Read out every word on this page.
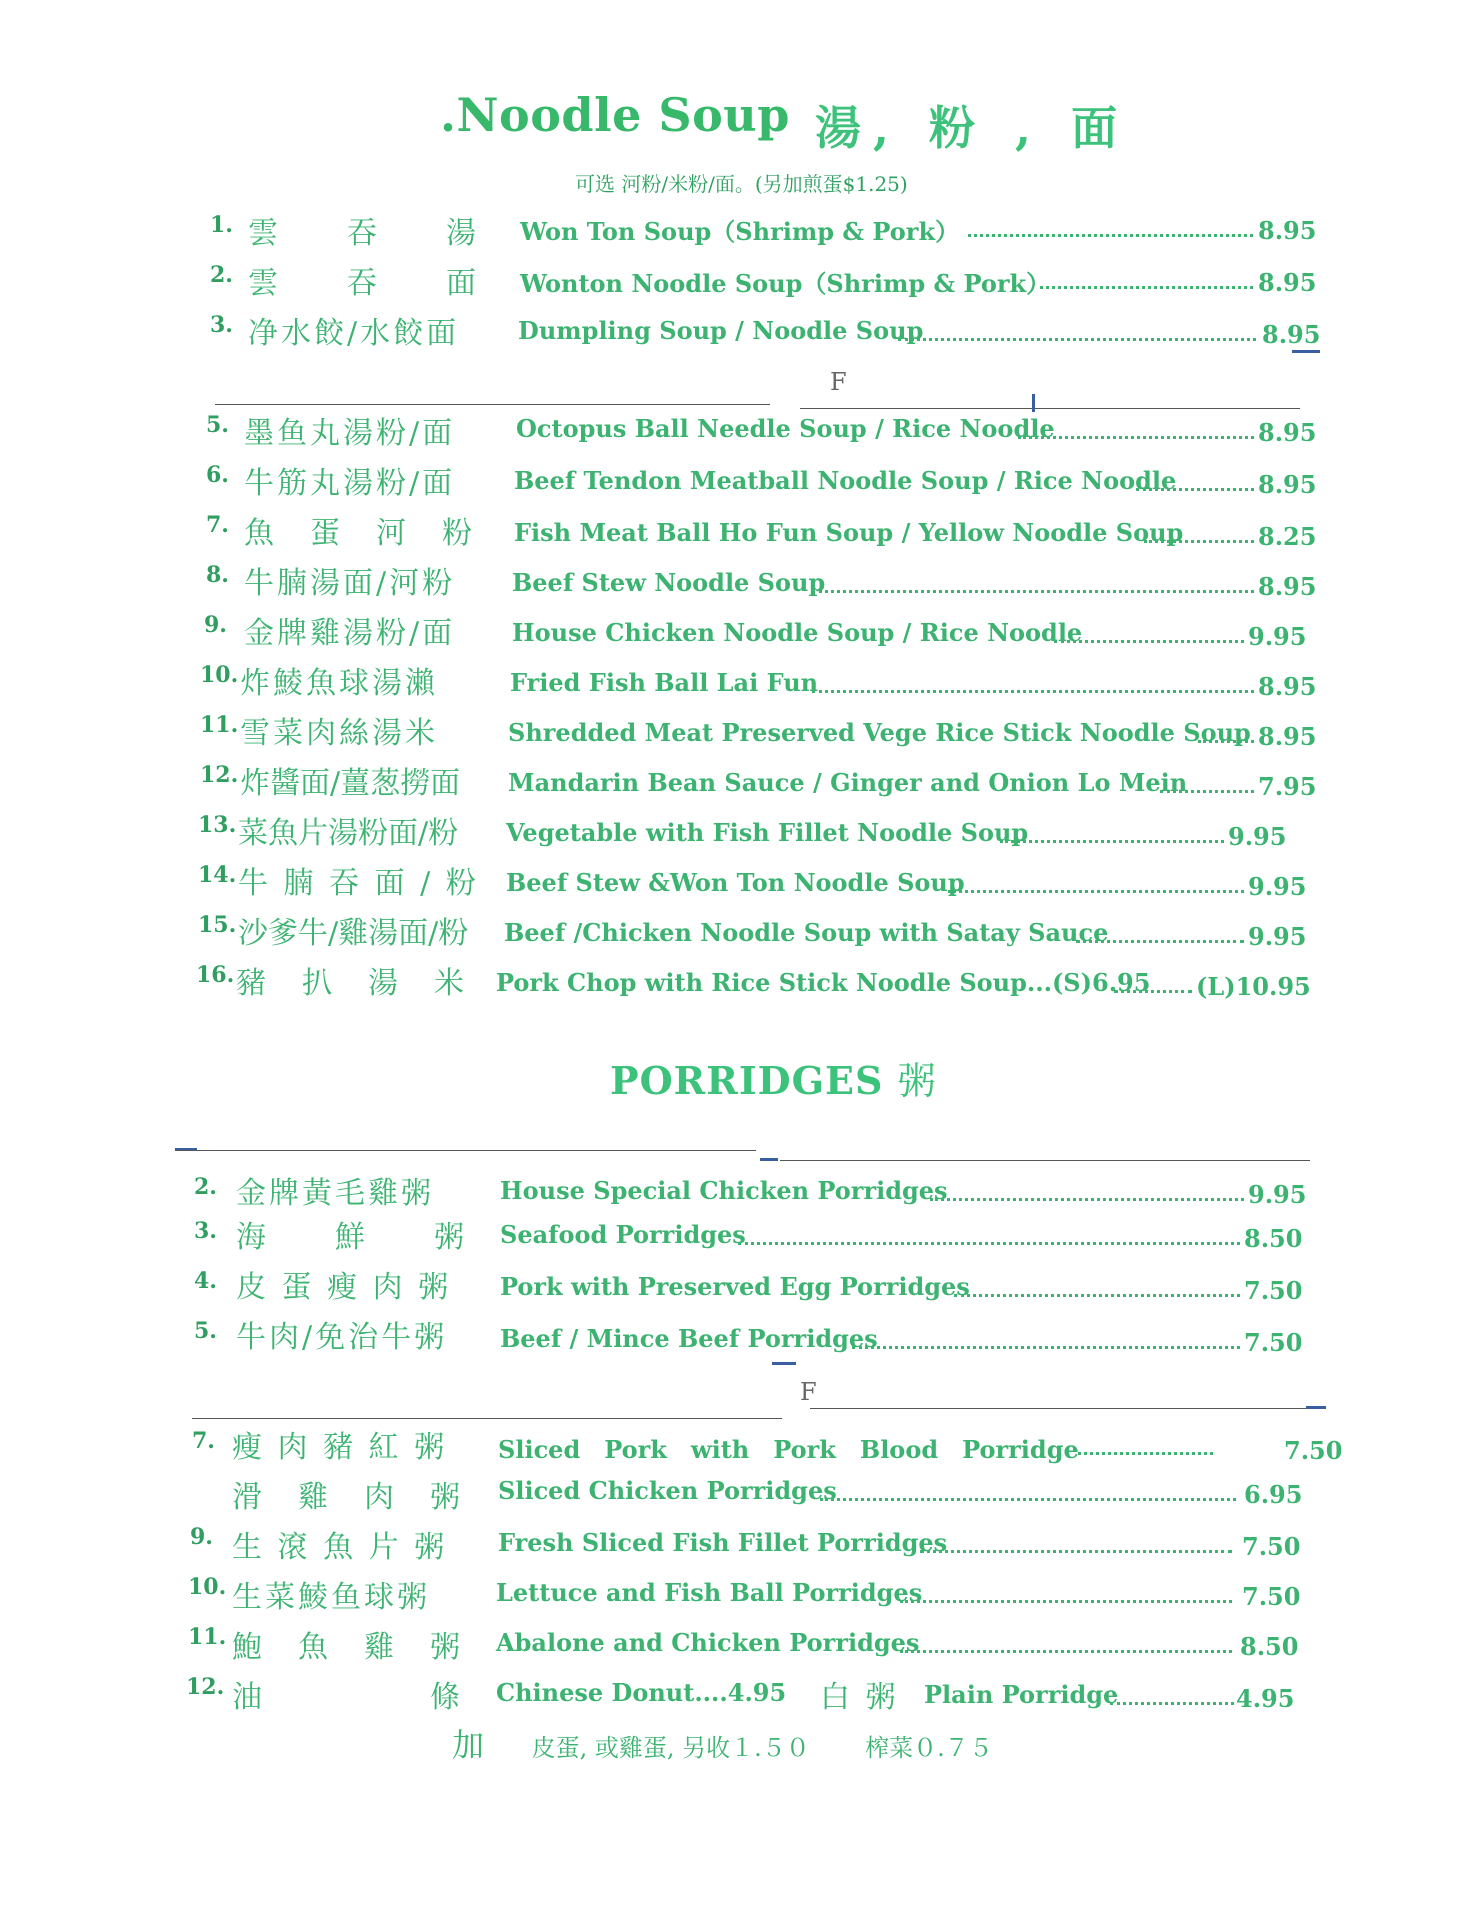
.Noodle Soup 湯, 粉 , 面
可选 河粉/米粉/面。(另加煎蛋$1.25)
1. 雲　　吞　　湯 Won Ton Soup（Shrimp & Pork）	8.95
2. 雲　　吞　　面 Wonton Noodle Soup（Shrimp & Pork）	8.95
3. 净水餃/水餃面 Dumpling Soup / Noodle Soup	8.95
F
5. 墨鱼丸湯粉/面	Octopus Ball Needle Soup / Rice Noodle	8.95
6. 牛筋丸湯粉/面 Beef Tendon Meatball Noodle Soup / Rice Noodle	8.95
7. 魚　蛋　河　粉 Fish Meat Ball Ho Fun Soup / Yellow Noodle Soup	8.25
8. 牛腩湯面/河粉 Beef Stew Noodle Soup	8.95
9. 金牌雞湯粉/面 House Chicken Noodle Soup / Rice Noodle	9.95
10. 炸鯪魚球湯瀨	Fried Fish Ball Lai Fun	8.95
11. 雪菜肉絲湯米	Shredded Meat Preserved Vege Rice Stick Noodle Soup 8.95
12. 炸醬面/薑葱撈面 Mandarin Bean Sauce / Ginger and Onion Lo Mein	7.95
13. 菜魚片湯粉面/粉 Vegetable with Fish Fillet Noodle Soup	9.95
14. 牛 腩 吞 面 / 粉 Beef Stew &Won Ton Noodle Soup	9.95
15. 沙爹牛/雞湯面/粉 Beef /Chicken Noodle Soup with Satay Sauce	9.95
16. 豬　扒　湯　米 Pork Chop with Rice Stick Noodle Soup...(S)6.95 (L)10.95
PORRIDGES 粥
2. 金牌黃毛雞粥	House Special Chicken Porridges	9.95
3. 海　　鮮　　粥 Seafood Porridges	8.50
4. 皮 蛋 瘦 肉 粥 Pork with Preserved Egg Porridges	7.50
5. 牛肉/免治牛粥 Beef / Mince Beef Porridges	7.50
F
7. 瘦 肉 豬 紅 粥 Sliced　Pork　with　Pork　Blood　Porridge	7.50
滑　雞　肉　粥 Sliced Chicken Porridges	6.95
9. 生 滾 魚 片 粥 Fresh Sliced Fish Fillet Porridges	7.50
10. 生菜鯪鱼球粥	Lettuce and Fish Ball Porridges	7.50
11. 鮑　魚　雞　粥 Abalone and Chicken Porridges	8.50
12. 油	條 Chinese Donut....4.95 白 粥 Plain Porridge	4.95
加 皮蛋, 或雞蛋, 另收１.５０ 榨菜０.７５
